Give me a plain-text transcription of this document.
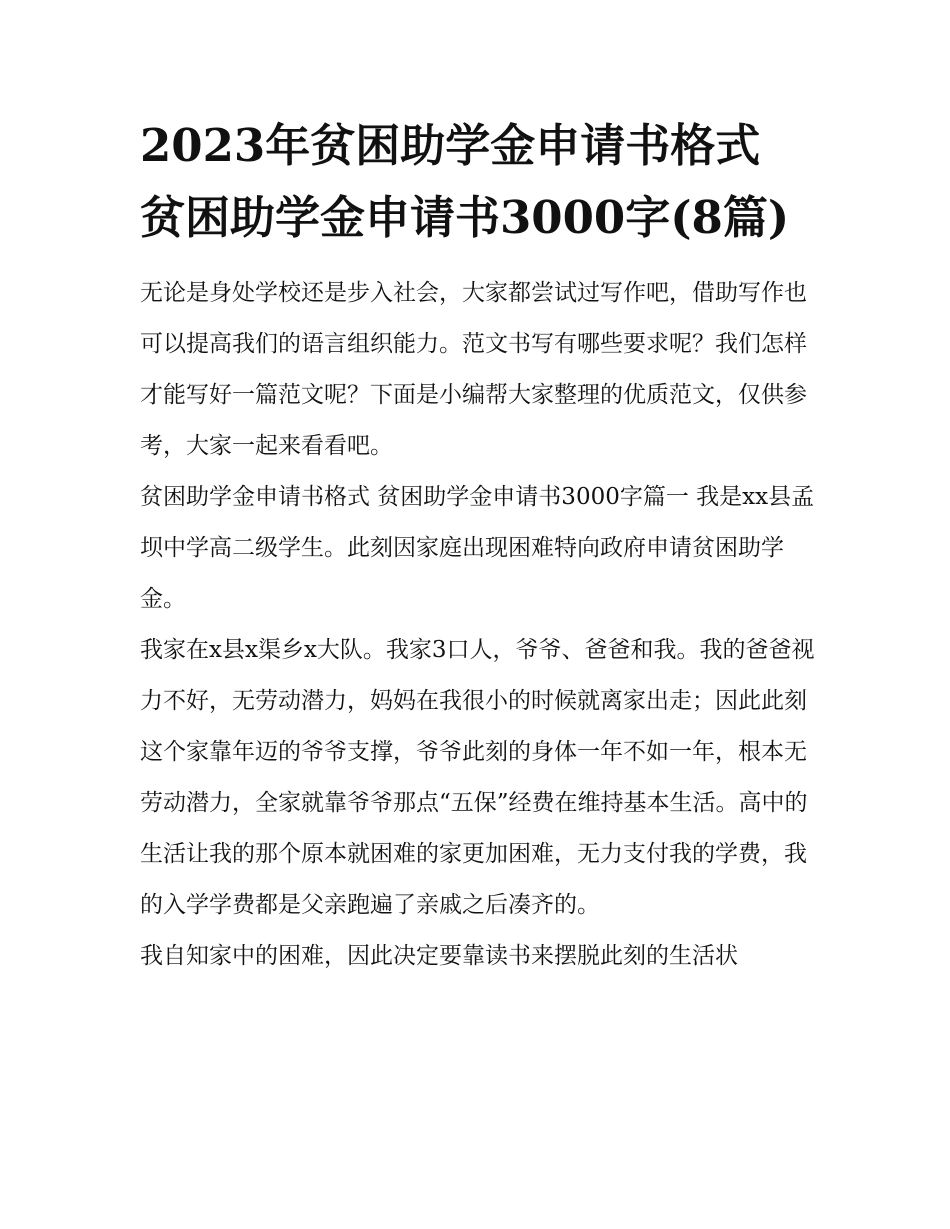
2023年贫困助学金申请书格式 贫困助学金申请书3000字(8篇)

无论是身处学校还是步入社会，大家都尝试过写作吧，借助写作也可以提高我们的语言组织能力。范文书写有哪些要求呢？我们怎样才能写好一篇范文呢？下面是小编帮大家整理的优质范文，仅供参考，大家一起来看看吧。

贫困助学金申请书格式 贫困助学金申请书3000字篇一 我是xx县孟坝中学高二级学生。此刻因家庭出现困难特向政府申请贫困助学金。

我家在x县x渠乡x大队。我家3口人，爷爷、爸爸和我。我的爸爸视力不好，无劳动潜力，妈妈在我很小的时候就离家出走；因此此刻这个家靠年迈的爷爷支撑，爷爷此刻的身体一年不如一年，根本无劳动潜力，全家就靠爷爷那点“五保”经费在维持基本生活。高中的生活让我的那个原本就困难的家更加困难，无力支付我的学费，我的入学学费都是父亲跑遍了亲戚之后凑齐的。

我自知家中的困难，因此决定要靠读书来摆脱此刻的生活状
